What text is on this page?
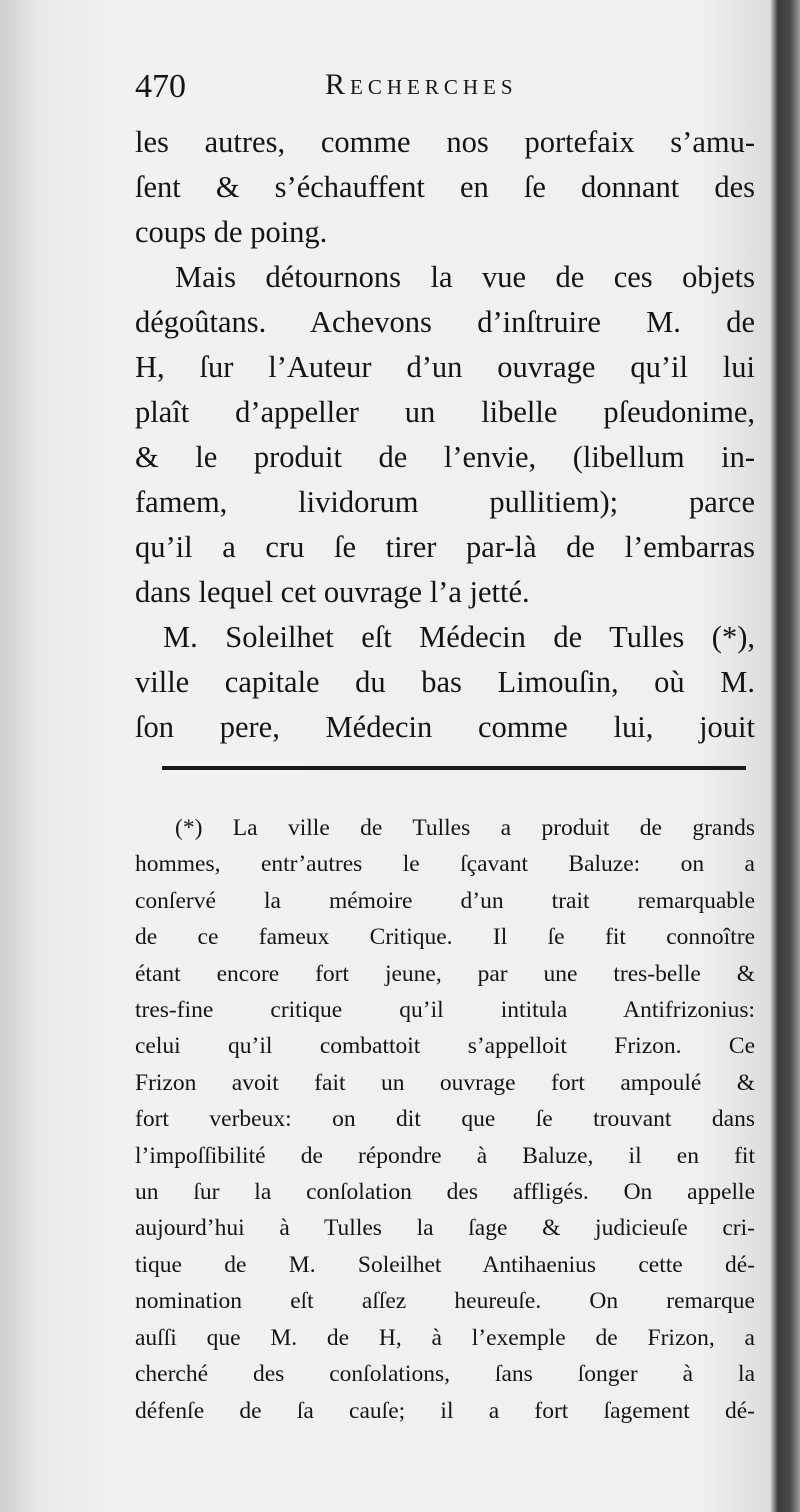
470	Recherches
les autres, comme nos portefaix s’amu-
ſent & s’échauffent en ſe donnant des
coups de poing.
Mais détournons la vue de ces objets
dégoûtans. Achevons d’inſtruire M. de
H, ſur l’Auteur d’un ouvrage qu’il lui
plaît d’appeller un libelle pſeudonime,
& le produit de l’envie, (libellum in-
famem, lividorum pullitiem); parce
qu’il a cru ſe tirer par-là de l’embarras
dans lequel cet ouvrage l’a jetté.
M. Soleilhet eſt Médecin de Tulles (*),
ville capitale du bas Limouſin, où M.
ſon pere, Médecin comme lui, jouit
(*) La ville de Tulles a produit de grands
hommes, entr’autres le ſçavant Baluze: on a
conſervé la mémoire d’un trait remarquable
de ce fameux Critique. Il ſe fit connoître
étant encore fort jeune, par une tres-belle &
tres-fine critique qu’il intitula Antifrizonius:
celui qu’il combattoit s’appelloit Frizon. Ce
Frizon avoit fait un ouvrage fort ampoulé &
fort verbeux: on dit que ſe trouvant dans
l’impoſſibilité de répondre à Baluze, il en fit
un ſur la conſolation des affligés. On appelle
aujourd’hui à Tulles la ſage & judicieuſe cri-
tique de M. Soleilhet Antihaenius cette dé-
nomination eſt aſſez heureuſe. On remarque
auſſi que M. de H, à l’exemple de Frizon, a
cherché des conſolations, ſans ſonger à la
défenſe de ſa cauſe; il a fort ſagement dé-
